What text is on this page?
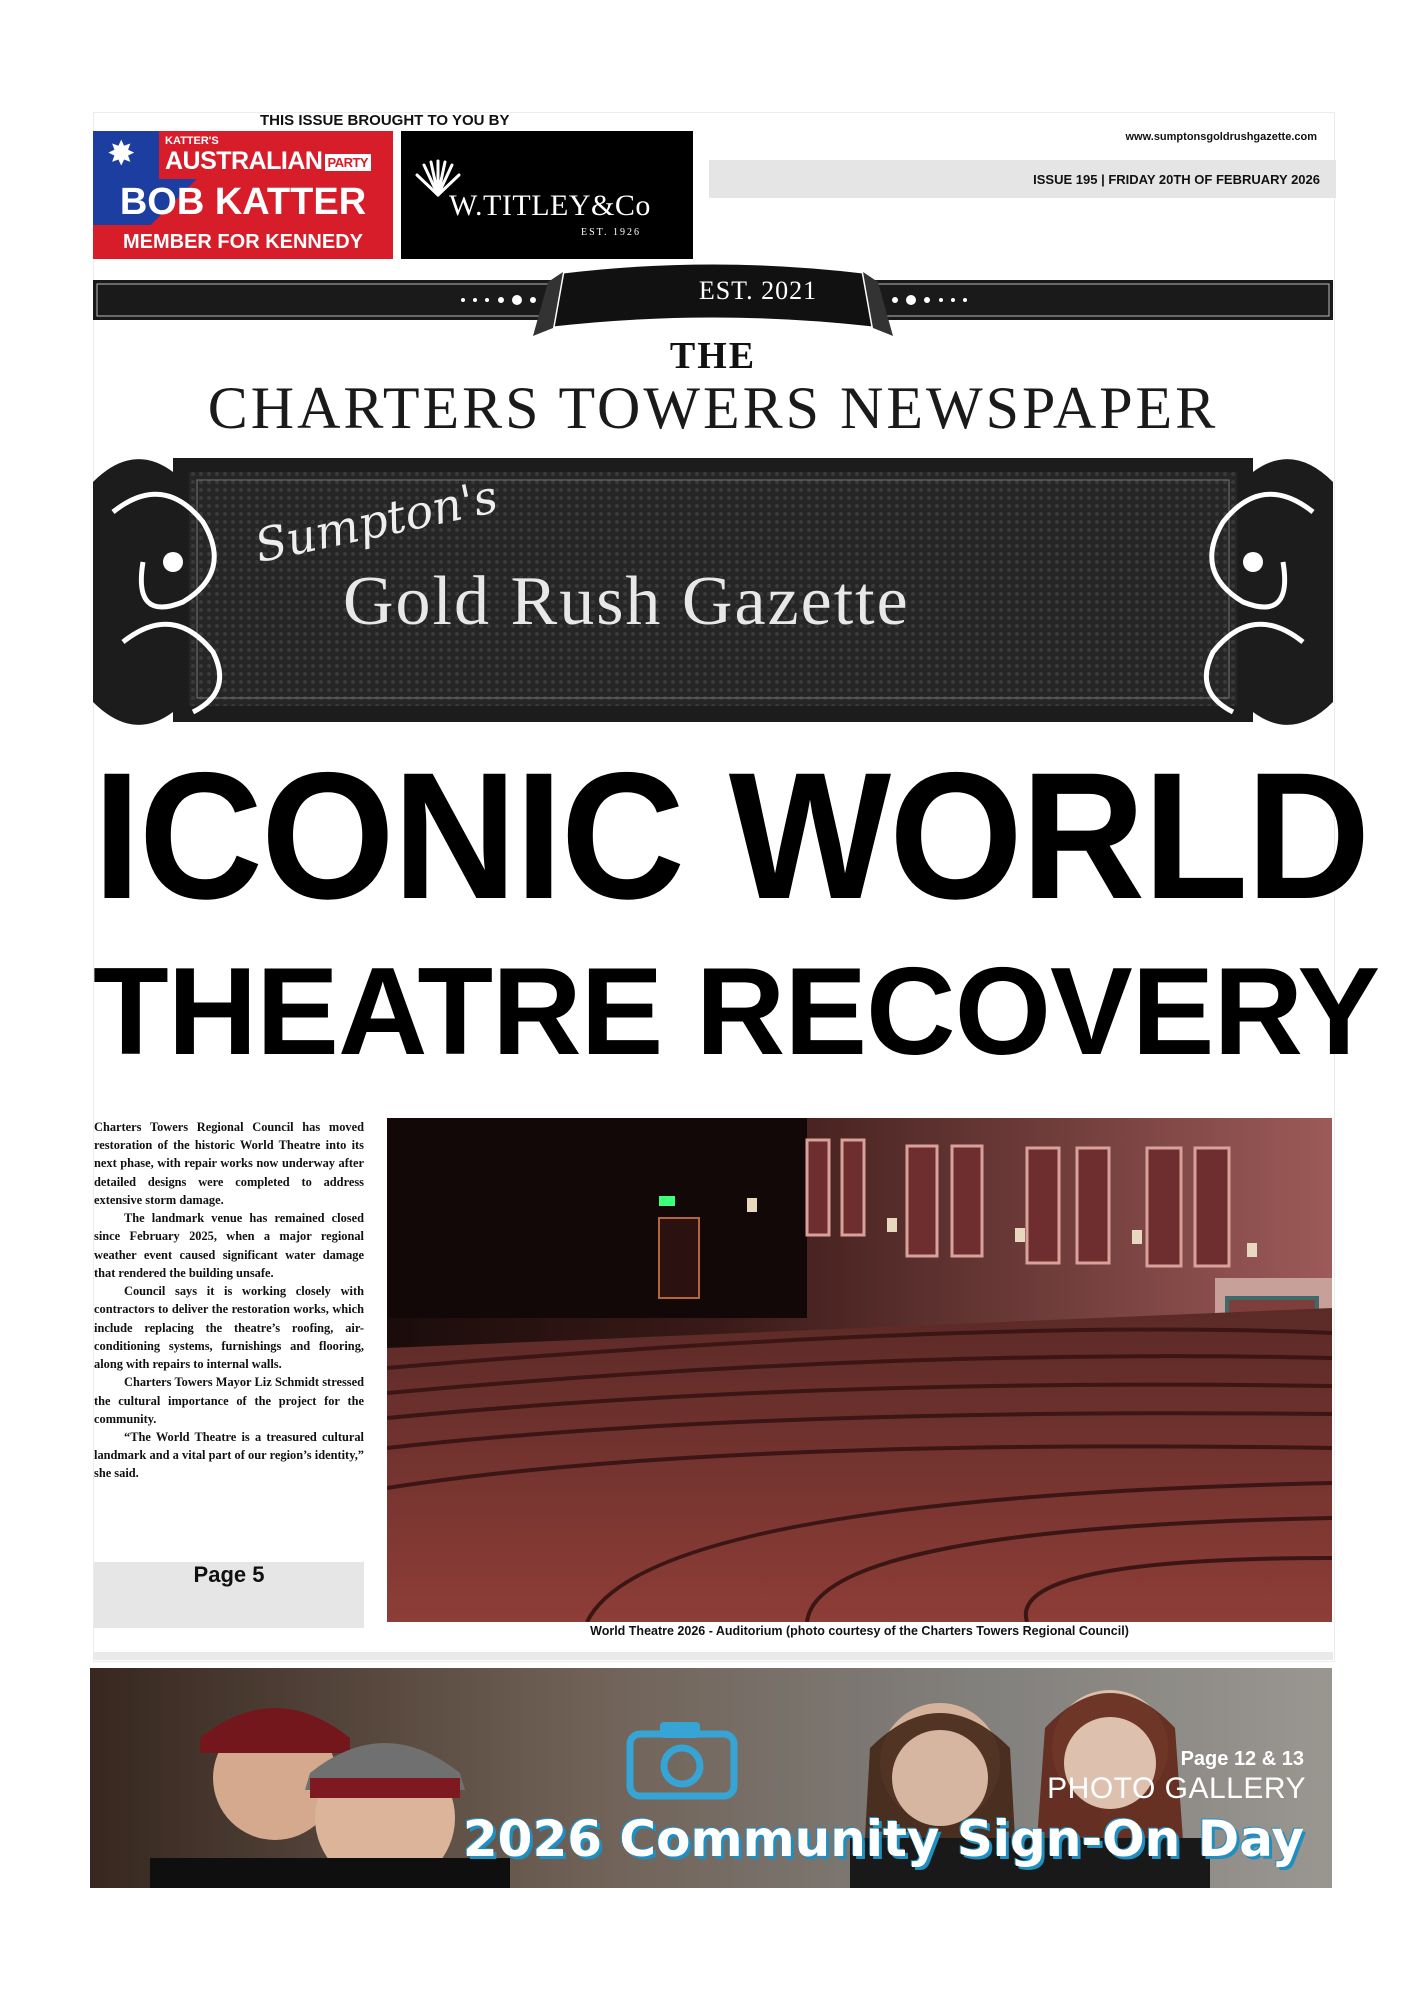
THIS ISSUE BROUGHT TO YOU BY
✸	KATTER'S
AUSTRALIAN PARTY
BOB KATTER
MEMBER FOR KENNEDY
W.TITLEY&Co
EST. 1926
www.sumptonsgoldrushgazette.com
ISSUE 195 | FRIDAY 20TH OF FEBRUARY 2026
EST. 2021
THE
CHARTERS TOWERS NEWSPAPER
Sumpton's
Gold Rush Gazette
ICONIC WORLD
THEATRE RECOVERY

Charters Towers Regional Council has moved restoration of the historic World Theatre into its next phase, with repair works now underway after detailed designs were completed to address extensive storm damage.

The landmark venue has remained closed since February 2025, when a major regional weather event caused significant water damage that rendered the building unsafe.

Council says it is working closely with contractors to deliver the restoration works, which include replacing the theatre’s roofing, air-conditioning systems, furnishings and flooring, along with repairs to internal walls.

Charters Towers Mayor Liz Schmidt stressed the cultural importance of the project for the community.

“The World Theatre is a treasured cultural landmark and a vital part of our region’s identity,” she said.

Page 5
World Theatre 2026 - Auditorium (photo courtesy of the Charters Towers Regional Council)
Page 12 & 13
PHOTO GALLERY
2026 Community Sign-On Day
